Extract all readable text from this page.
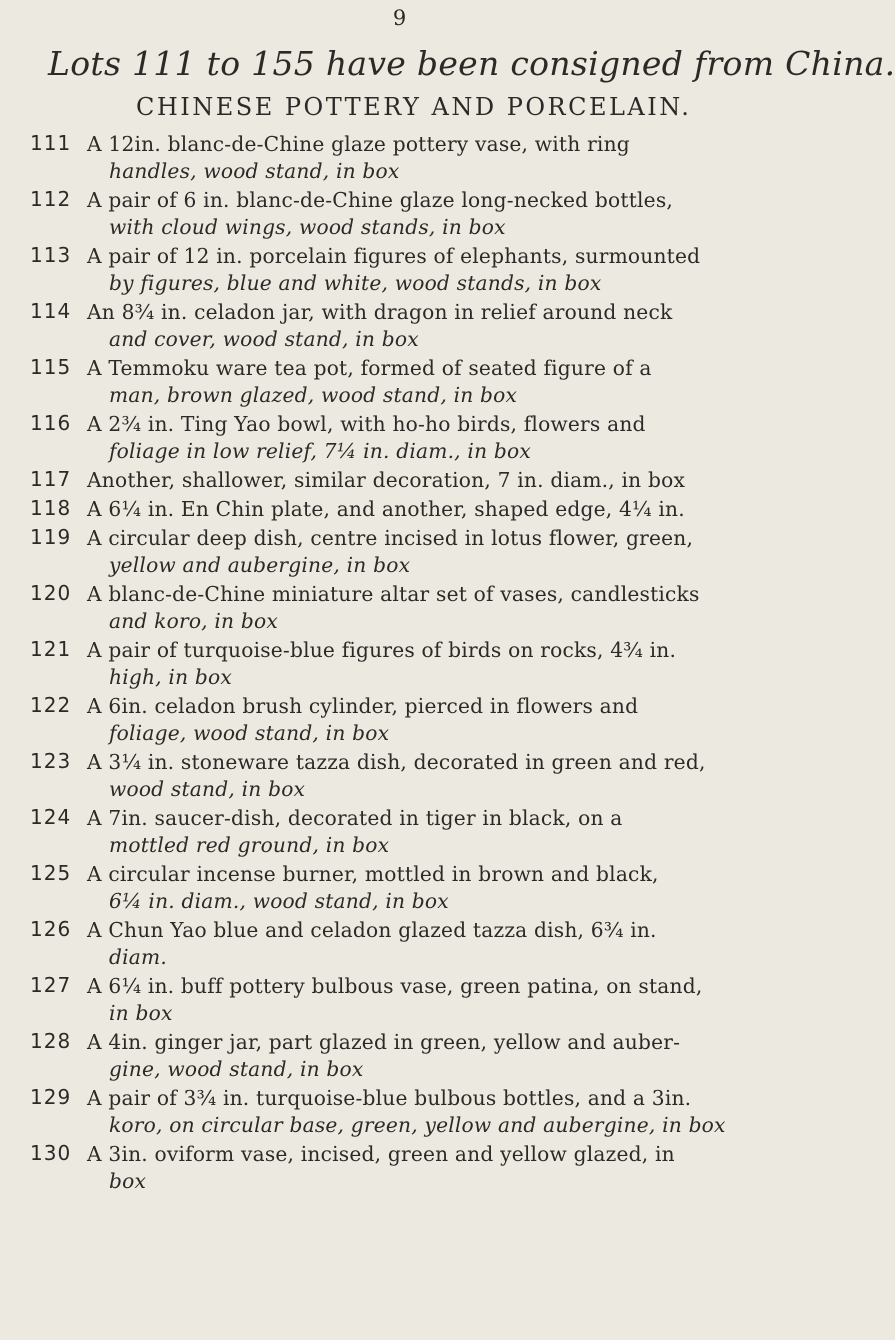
9
Lots 111 to 155 have been consigned from China.
CHINESE POTTERY AND PORCELAIN.
111 A 12in. blanc-de-Chine glaze pottery vase, with ring
handles, wood stand, in box
112 A pair of 6 in. blanc-de-Chine glaze long-necked bottles,
with cloud wings, wood stands, in box
113 A pair of 12 in. porcelain figures of elephants, surmounted
by figures, blue and white, wood stands, in box
114 An 8¾ in. celadon jar, with dragon in relief around neck
and cover, wood stand, in box
115 A Temmoku ware tea pot, formed of seated figure of a
man, brown glazed, wood stand, in box
116 A 2¾ in. Ting Yao bowl, with ho-ho birds, flowers and
foliage in low relief, 7¼ in. diam., in box
117 Another, shallower, similar decoration, 7 in. diam., in box
118 A 6¼ in. En Chin plate, and another, shaped edge, 4¼ in.
119 A circular deep dish, centre incised in lotus flower, green,
yellow and aubergine, in box
120 A blanc-de-Chine miniature altar set of vases, candlesticks
and koro, in box
121 A pair of turquoise-blue figures of birds on rocks, 4¾ in.
high, in box
122 A 6in. celadon brush cylinder, pierced in flowers and
foliage, wood stand, in box
123 A 3¼ in. stoneware tazza dish, decorated in green and red,
wood stand, in box
124 A 7in. saucer-dish, decorated in tiger in black, on a
mottled red ground, in box
125 A circular incense burner, mottled in brown and black,
6¼ in. diam., wood stand, in box
126 A Chun Yao blue and celadon glazed tazza dish, 6¾ in.
diam.
127 A 6¼ in. buff pottery bulbous vase, green patina, on stand,
in box
128 A 4in. ginger jar, part glazed in green, yellow and auber-
gine, wood stand, in box
129 A pair of 3¾ in. turquoise-blue bulbous bottles, and a 3in.
koro, on circular base, green, yellow and aubergine, in box
130 A 3in. oviform vase, incised, green and yellow glazed, in
box
